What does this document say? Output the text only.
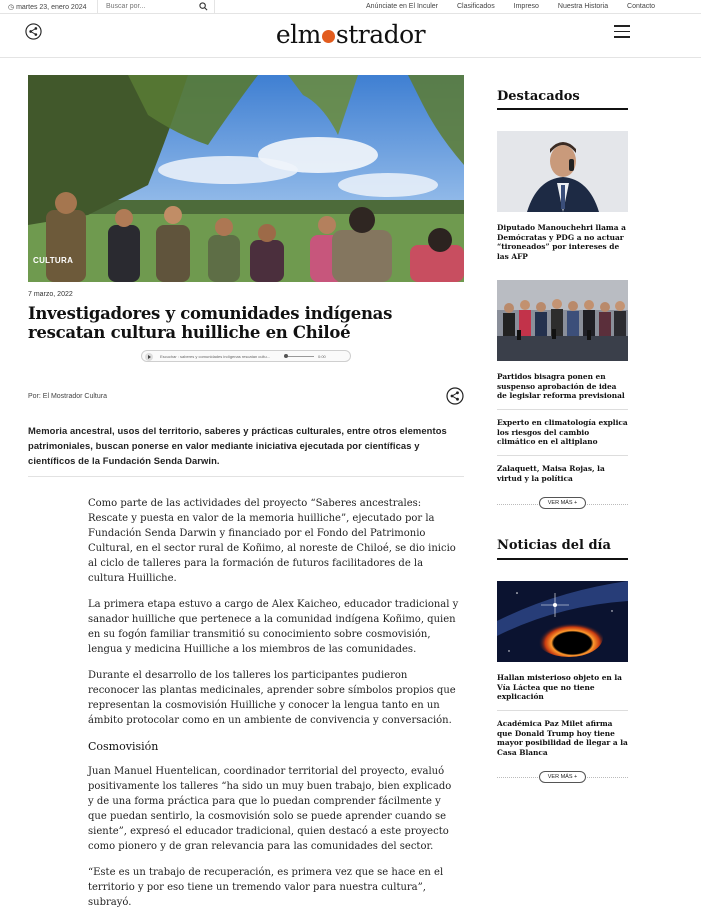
◷ martes 23, enero 2024
Buscar por...	Anúnciate en El Inculer	Clasificados	Impreso	Nuestra Historia	Contacto
elm strador
CULTURA
7 marzo, 2022
Investigadores y comunidades indígenas rescatan cultura huilliche en Chiloé
Escuchar : saberes y comunidades indígenas rescatan cultu...	0:00
Por: El Mostrador Cultura
Memoria ancestral, usos del territorio, saberes y prácticas culturales, entre otros elementos patrimoniales, buscan ponerse en valor mediante iniciativa ejecutada por científicas y científicos de la Fundación Senda Darwin.

Como parte de las actividades del proyecto “Saberes ancestrales: Rescate y puesta en valor de la memoria huilliche”, ejecutado por la Fundación Senda Darwin y financiado por el Fondo del Patrimonio Cultural, en el sector rural de Koñimo, al noreste de Chiloé, se dio inicio al ciclo de talleres para la formación de futuros facilitadores de la cultura Huilliche.

La primera etapa estuvo a cargo de Alex Kaicheo, educador tradicional y sanador huilliche que pertenece a la comunidad indígena Koñimo, quien en su fogón familiar transmitió su conocimiento sobre cosmovisión, lengua y medicina Huilliche a los miembros de las comunidades.

Durante el desarrollo de los talleres los participantes pudieron reconocer las plantas medicinales, aprender sobre símbolos propios que representan la cosmovisión Huilliche y conocer la lengua tanto en un ámbito protocolar como en un ambiente de convivencia y conversación.

Cosmovisión

Juan Manuel Huentelican, coordinador territorial del proyecto, evaluó positivamente los talleres “ha sido un muy buen trabajo, bien explicado y de una forma práctica para que lo puedan comprender fácilmente y que puedan sentirlo, la cosmovisión solo se puede aprender cuando se siente”, expresó el educador tradicional, quien destacó a este proyecto como pionero y de gran relevancia para las comunidades del sector.

“Este es un trabajo de recuperación, es primera vez que se hace en el territorio y por eso tiene un tremendo valor para nuestra cultura”, subrayó.

Destacados
Diputado Manouchehri llama a Demócratas y PDG a no actuar “tironeados” por intereses de las AFP
Partidos bisagra ponen en suspenso aprobación de idea de legislar reforma previsional
Experto en climatología explica los riesgos del cambio climático en el altiplano
Zalaquett, Maisa Rojas, la virtud y la política
VER MÁS +
Noticias del día
Hallan misterioso objeto en la Vía Láctea que no tiene explicación
Académica Paz Milet afirma que Donald Trump hoy tiene mayor posibilidad de llegar a la Casa Blanca
VER MÁS +
